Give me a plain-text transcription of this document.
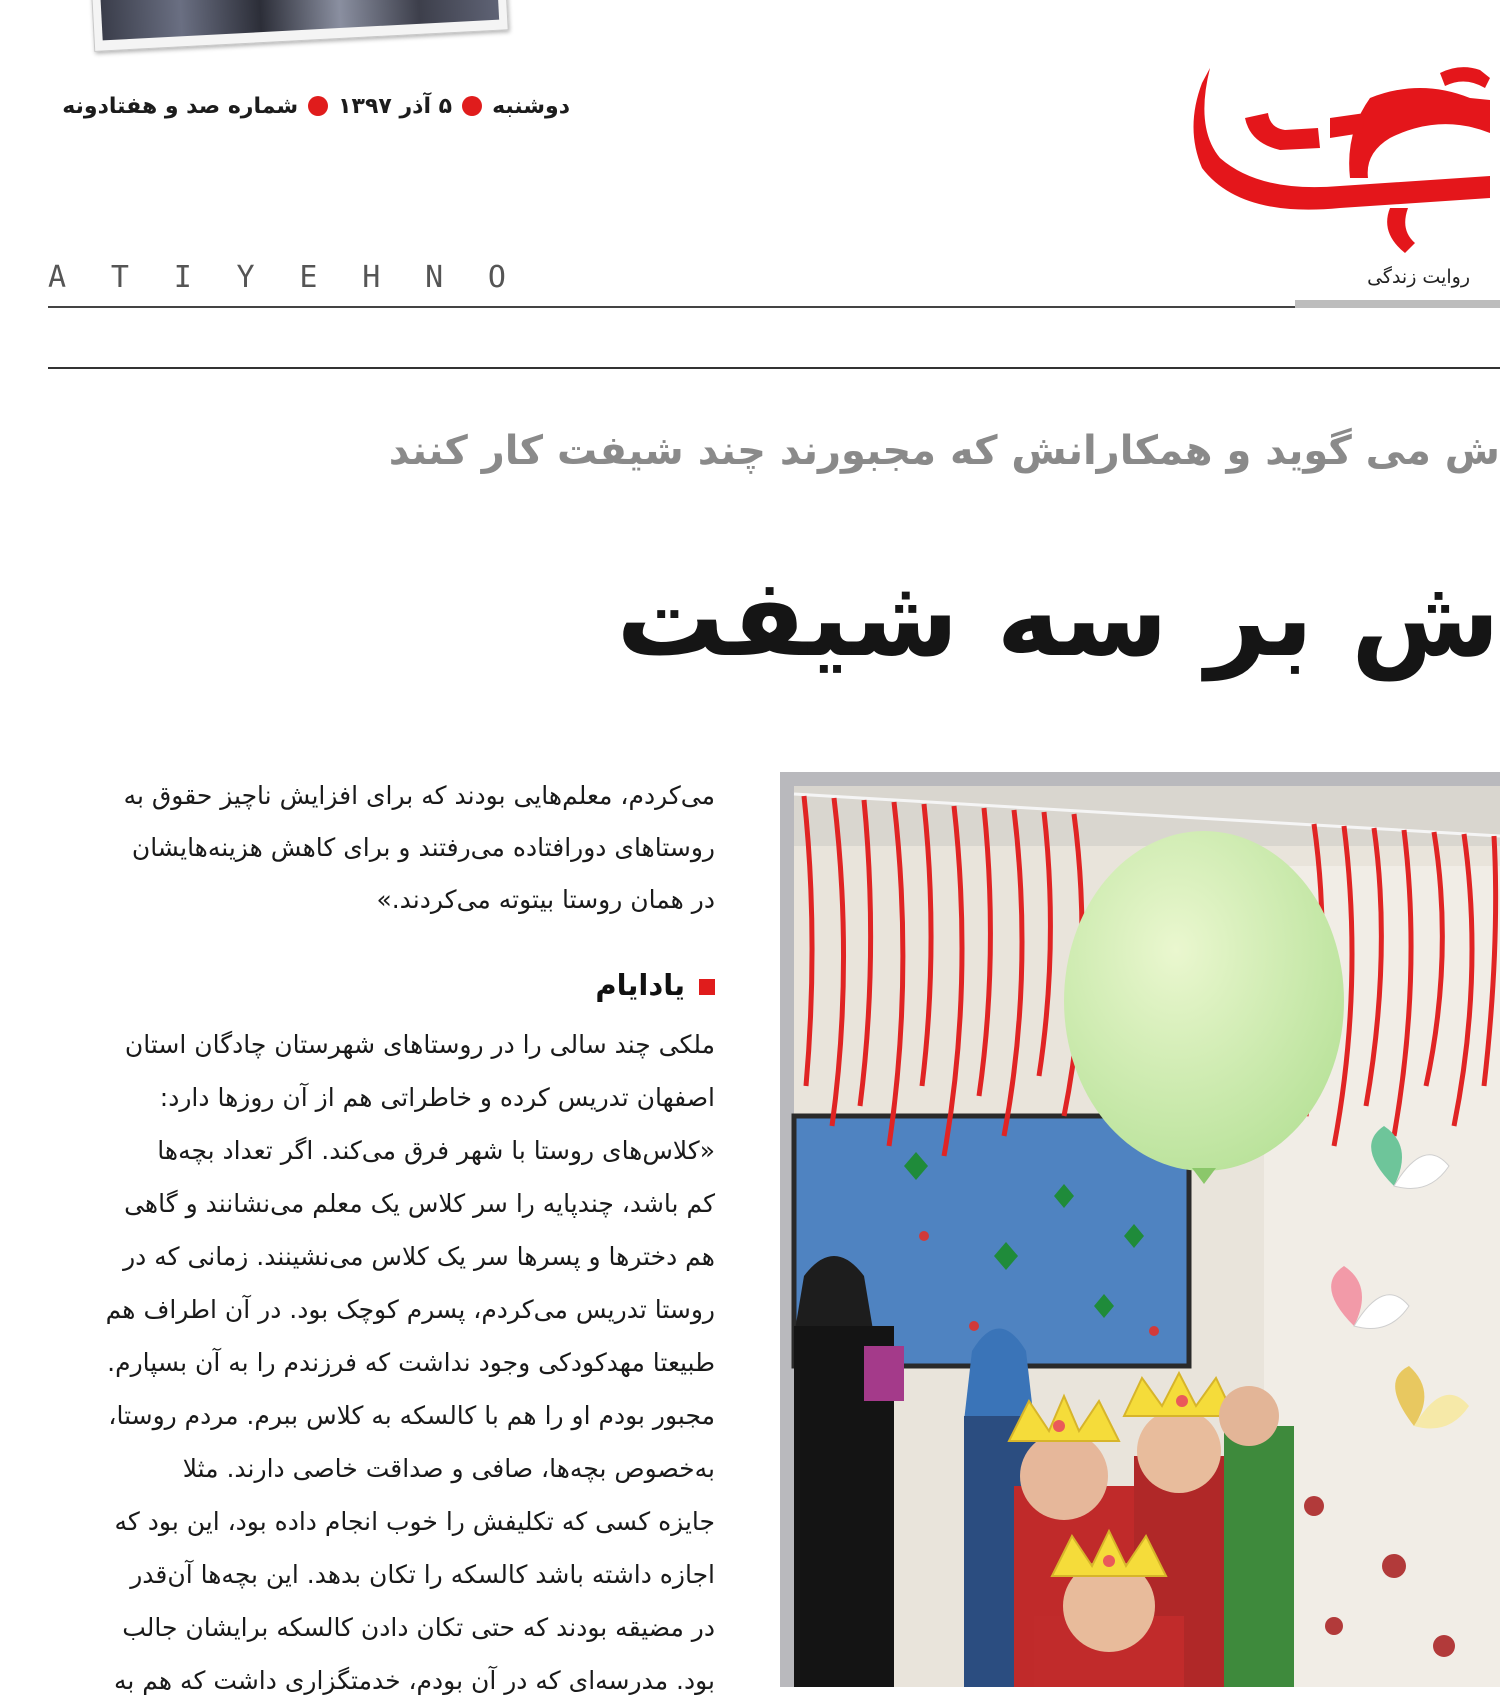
دوشنبه
۵ آذر ۱۳۹۷
شماره صد و هفتادونه
روایت زندگی
A T I Y E H N O
ش می گوید و همکارانش که مجبورند چند شیفت کار کنند
ش بر سه شیفت

می‌کردم، معلم‌هایی بودند که برای افزایش ناچیز حقوق به

روستاهای دورافتاده می‌رفتند و برای کاهش هزینه‌هایشان

در همان روستا بیتوته می‌کردند.»

یادایام

ملکی چند سالی را در روستاهای شهرستان چادگان استان

اصفهان تدریس کرده و خاطراتی هم از آن روزها دارد:

«کلاس‌های روستا با شهر فرق می‌کند. اگر تعداد بچه‌ها

کم باشد، چندپایه را سر کلاس یک معلم می‌نشانند و گاهی

هم دخترها و پسرها سر یک کلاس می‌نشینند. زمانی که در

روستا تدریس می‌کردم، پسرم کوچک بود. در آن اطراف هم

طبیعتا مهدکودکی وجود نداشت که فرزندم را به آن بسپارم.

مجبور بودم او را هم با کالسکه به کلاس ببرم. مردم روستا،

به‌خصوص بچه‌ها، صافی و صداقت خاصی دارند. مثلا

جایزه کسی که تکلیفش را خوب انجام داده بود، این بود که

اجازه داشته باشد کالسکه را تکان بدهد. این بچه‌ها آن‌قدر

در مضیقه بودند که حتی تکان دادن کالسکه برایشان جالب

بود. مدرسه‌ای که در آن بودم، خدمتگزاری داشت که هم به
